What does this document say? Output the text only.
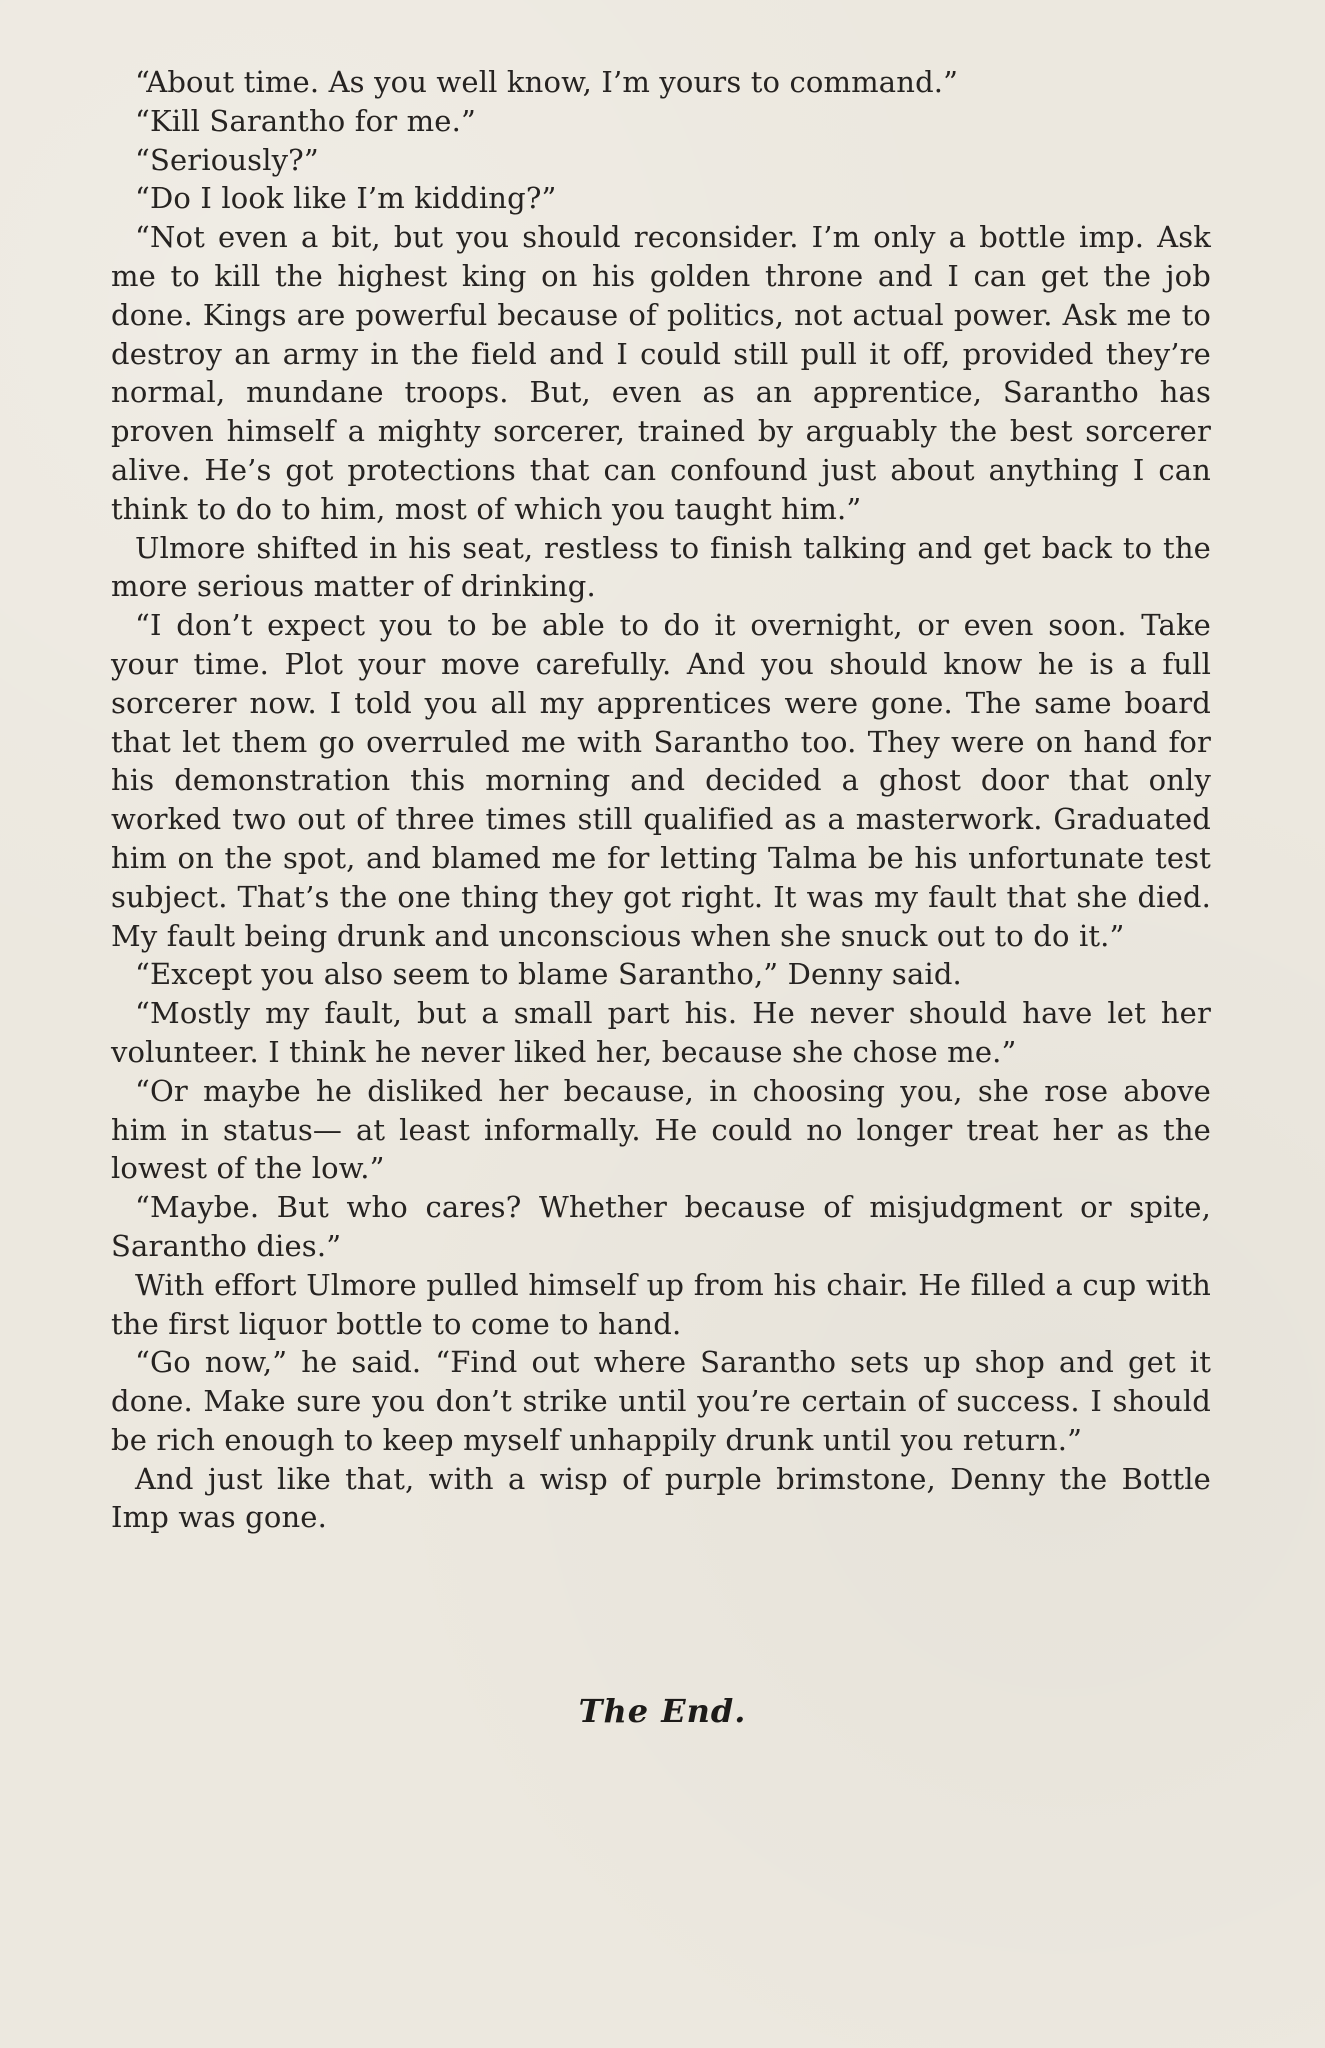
“About time. As you well know, I’m yours to command.”

“Kill Sarantho for me.”

“Seriously?”

“Do I look like I’m kidding?”

“Not even a bit, but you should reconsider. I’m only a bottle imp. Ask me to kill the highest king on his golden throne and I can get the job done. Kings are powerful because of politics, not actual power. Ask me to destroy an army in the field and I could still pull it off, provided they’re normal, mundane troops. But, even as an apprentice, Sarantho has proven himself a mighty sorcerer, trained by arguably the best sorcerer alive. He’s got protections that can confound just about anything I can think to do to him, most of which you taught him.”

Ulmore shifted in his seat, restless to finish talking and get back to the more serious matter of drinking.

“I don’t expect you to be able to do it overnight, or even soon. Take your time. Plot your move carefully. And you should know he is a full sorcerer now. I told you all my apprentices were gone. The same board that let them go overruled me with Sarantho too. They were on hand for his demonstration this morning and decided a ghost door that only worked two out of three times still qualified as a masterwork. Graduated him on the spot, and blamed me for letting Talma be his unfortunate test subject. That’s the one thing they got right. It was my fault that she died. My fault being drunk and unconscious when she snuck out to do it.”

“Except you also seem to blame Sarantho,” Denny said.

“Mostly my fault, but a small part his. He never should have let her volunteer. I think he never liked her, because she chose me.”

“Or maybe he disliked her because, in choosing you, she rose above him in status— at least informally. He could no longer treat her as the lowest of the low.”

“Maybe. But who cares? Whether because of misjudgment or spite, Sarantho dies.”

With effort Ulmore pulled himself up from his chair. He filled a cup with the first liquor bottle to come to hand.

“Go now,” he said. “Find out where Sarantho sets up shop and get it done. Make sure you don’t strike until you’re certain of success. I should be rich enough to keep myself unhappily drunk until you return.”

And just like that, with a wisp of purple brimstone, Denny the Bottle Imp was gone.

The End.
